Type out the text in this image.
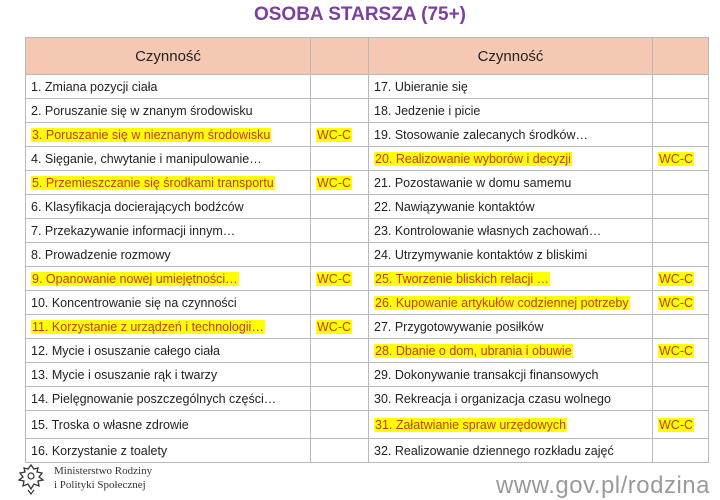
OSOBA STARSZA (75+)
Czynność		Czynność	
1. Zmiana pozycji ciała		17. Ubieranie się	
2. Poruszanie się w znanym środowisku		18. Jedzenie i picie	
3. Poruszanie się w nieznanym środowisku	WC-C	19. Stosowanie zalecanych środków…	
4. Sięganie, chwytanie i manipulowanie…		20. Realizowanie wyborów i decyzji	WC-C
5. Przemieszczanie się środkami transportu	WC-C	21. Pozostawanie w domu samemu	
6. Klasyfikacja docierających bodźców		22. Nawiązywanie kontaktów	
7. Przekazywanie informacji innym…		23. Kontrolowanie własnych zachowań…	
8. Prowadzenie rozmowy		24. Utrzymywanie kontaktów z bliskimi	
9. Opanowanie nowej umiejętności…	WC-C	25. Tworzenie bliskich relacji …	WC-C
10. Koncentrowanie się na czynności		26. Kupowanie artykułów codziennej potrzeby	WC-C
11. Korzystanie z urządzeń i technologii…	WC-C	27. Przygotowywanie posiłków	
12. Mycie i osuszanie całego ciała		28. Dbanie o dom, ubrania i obuwie	WC-C
13. Mycie i osuszanie rąk i twarzy		29. Dokonywanie transakcji finansowych	
14. Pielęgnowanie poszczególnych części…		30. Rekreacja i organizacja czasu wolnego	
15. Troska o własne zdrowie		31. Załatwianie spraw urzędowych	WC-C
16. Korzystanie z toalety		32. Realizowanie dziennego rozkładu zajęć	
Ministerstwo Rodziny
i Polityki Społecznej	www.gov.pl/rodzina
